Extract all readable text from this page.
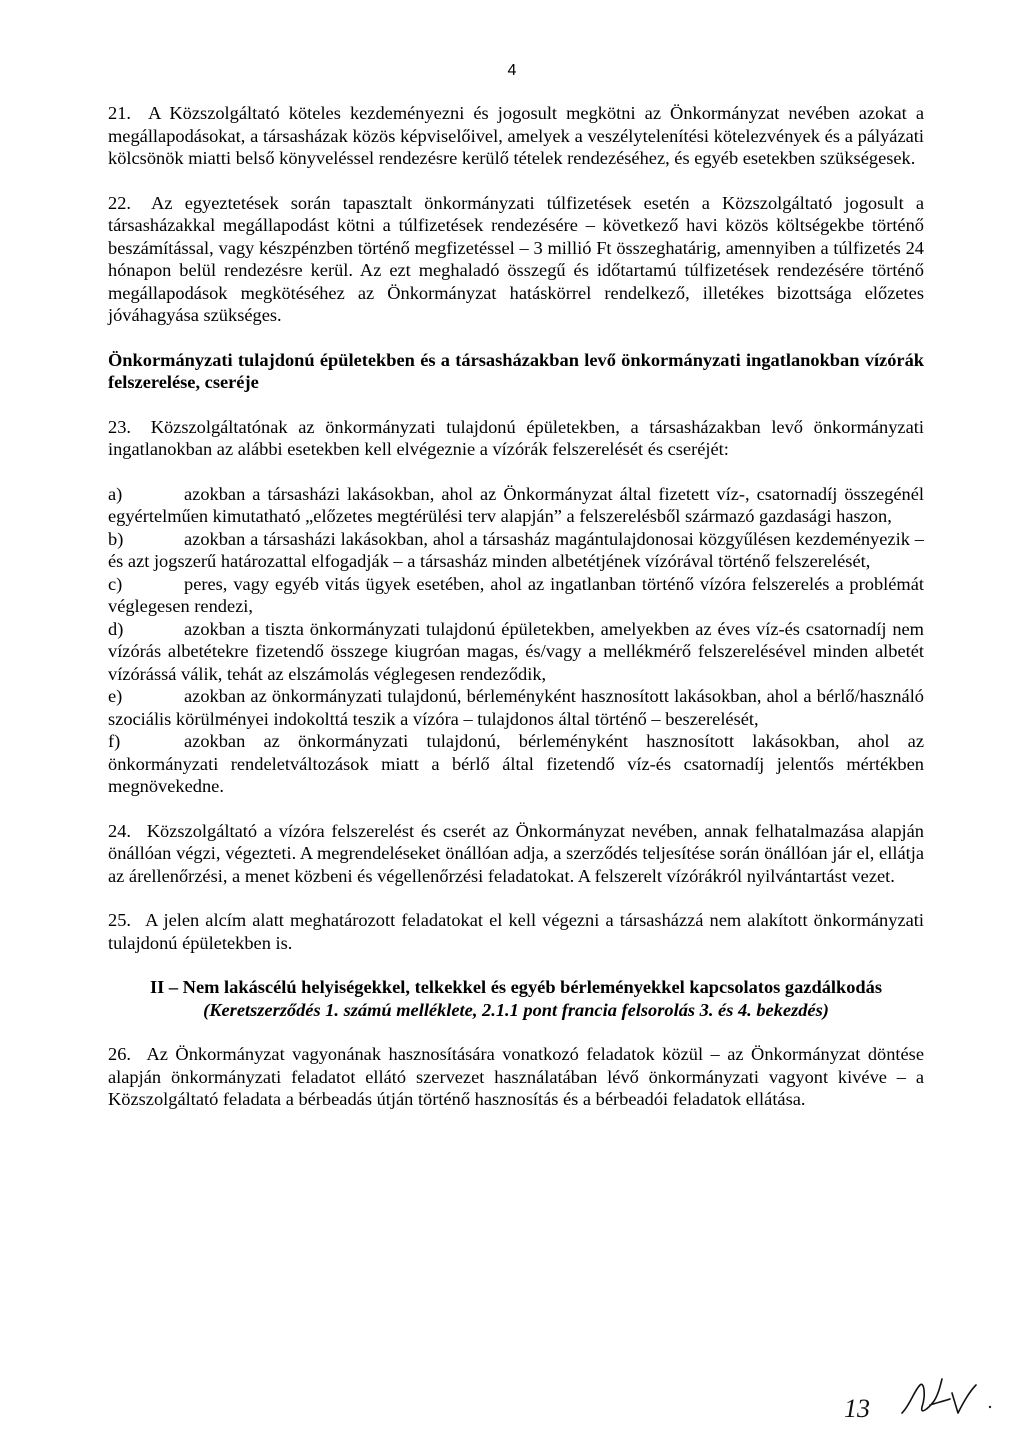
4

21. A Közszolgáltató köteles kezdeményezni és jogosult megkötni az Önkormányzat nevében azokat a megállapodásokat, a társasházak közös képviselőivel, amelyek a veszélytelenítési kötelezvények és a pályázati kölcsönök miatti belső könyveléssel rendezésre kerülő tételek rendezéséhez, és egyéb esetekben szükségesek.

22. Az egyeztetések során tapasztalt önkormányzati túlfizetések esetén a Közszolgáltató jogosult a társasházakkal megállapodást kötni a túlfizetések rendezésére – következő havi közös költségekbe történő beszámítással, vagy készpénzben történő megfizetéssel – 3 millió Ft összeghatárig, amennyiben a túlfizetés 24 hónapon belül rendezésre kerül. Az ezt meghaladó összegű és időtartamú túlfizetések rendezésére történő megállapodások megkötéséhez az Önkormányzat hatáskörrel rendelkező, illetékes bizottsága előzetes jóváhagyása szükséges.

Önkormányzati tulajdonú épületekben és a társasházakban levő önkormányzati ingatlanokban vízórák felszerelése, cseréje

23. Közszolgáltatónak az önkormányzati tulajdonú épületekben, a társasházakban levő önkormányzati ingatlanokban az alábbi esetekben kell elvégeznie a vízórák felszerelését és cseréjét:

a)	azokban a társasházi lakásokban, ahol az Önkormányzat által fizetett víz-, csatornadíj összegénél egyértelműen kimutatható „előzetes megtérülési terv alapján” a felszerelésből származó gazdasági haszon,

b)	azokban a társasházi lakásokban, ahol a társasház magántulajdonosai közgyűlésen kezdeményezik – és azt jogszerű határozattal elfogadják – a társasház minden albetétjének vízórával történő felszerelését,

c)	peres, vagy egyéb vitás ügyek esetében, ahol az ingatlanban történő vízóra felszerelés a problémát véglegesen rendezi,

d)	azokban a tiszta önkormányzati tulajdonú épületekben, amelyekben az éves víz-és csatornadíj nem vízórás albetétekre fizetendő összege kiugróan magas, és/vagy a mellékmérő felszerelésével minden albetét vízórássá válik, tehát az elszámolás véglegesen rendeződik,

e)	azokban az önkormányzati tulajdonú, bérleményként hasznosított lakásokban, ahol a bérlő/használó szociális körülményei indokolttá teszik a vízóra – tulajdonos által történő – beszerelését,

f)	azokban az önkormányzati tulajdonú, bérleményként hasznosított lakásokban, ahol az önkormányzati rendeletváltozások miatt a bérlő által fizetendő víz-és csatornadíj jelentős mértékben megnövekedne.

24. Közszolgáltató a vízóra felszerelést és cserét az Önkormányzat nevében, annak felhatalmazása alapján önállóan végzi, végezteti. A megrendeléseket önállóan adja, a szerződés teljesítése során önállóan jár el, ellátja az árellenőrzési, a menet közbeni és végellenőrzési feladatokat. A felszerelt vízórákról nyilvántartást vezet.

25. A jelen alcím alatt meghatározott feladatokat el kell végezni a társasházzá nem alakított önkormányzati tulajdonú épületekben is.

II – Nem lakáscélú helyiségekkel, telkekkel és egyéb bérleményekkel kapcsolatos gazdálkodás

(Keretszerződés 1. számú melléklete, 2.1.1 pont francia felsorolás 3. és 4. bekezdés)

26. Az Önkormányzat vagyonának hasznosítására vonatkozó feladatok közül – az Önkormányzat döntése alapján önkormányzati feladatot ellátó szervezet használatában lévő önkormányzati vagyont kivéve – a Közszolgáltató feladata a bérbeadás útján történő hasznosítás és a bérbeadói feladatok ellátása.

13
